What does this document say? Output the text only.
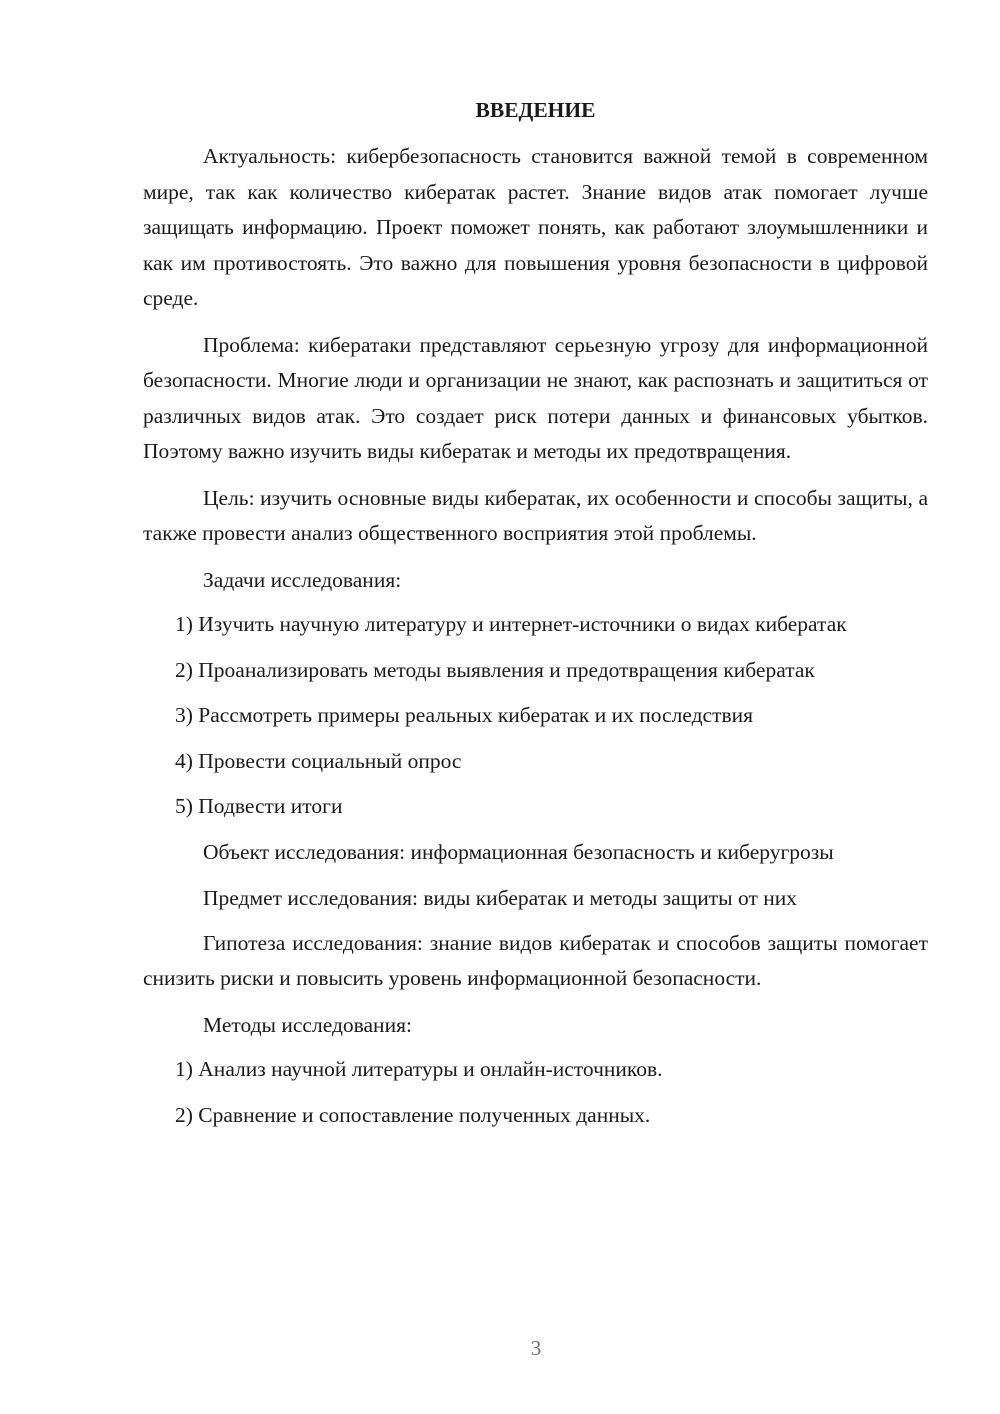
ВВЕДЕНИЕ
Актуальность: кибербезопасность становится важной темой в современном мире, так как количество кибератак растет. Знание видов атак помогает лучше защищать информацию. Проект поможет понять, как работают злоумышленники и как им противостоять. Это важно для повышения уровня безопасности в цифровой среде.
Проблема: кибератаки представляют серьезную угрозу для информационной безопасности. Многие люди и организации не знают, как распознать и защититься от различных видов атак. Это создает риск потери данных и финансовых убытков. Поэтому важно изучить виды кибератак и методы их предотвращения.
Цель: изучить основные виды кибератак, их особенности и способы защиты, а также провести анализ общественного восприятия этой проблемы.
Задачи исследования:
1) Изучить научную литературу и интернет-источники о видах кибератак
2) Проанализировать методы выявления и предотвращения кибератак
3) Рассмотреть примеры реальных кибератак и их последствия
4) Провести социальный опрос
5) Подвести итоги
Объект исследования: информационная безопасность и киберугрозы
Предмет исследования: виды кибератак и методы защиты от них
Гипотеза исследования: знание видов кибератак и способов защиты помогает снизить риски и повысить уровень информационной безопасности.
Методы исследования:
1) Анализ научной литературы и онлайн-источников.
2) Сравнение и сопоставление полученных данных.
3
